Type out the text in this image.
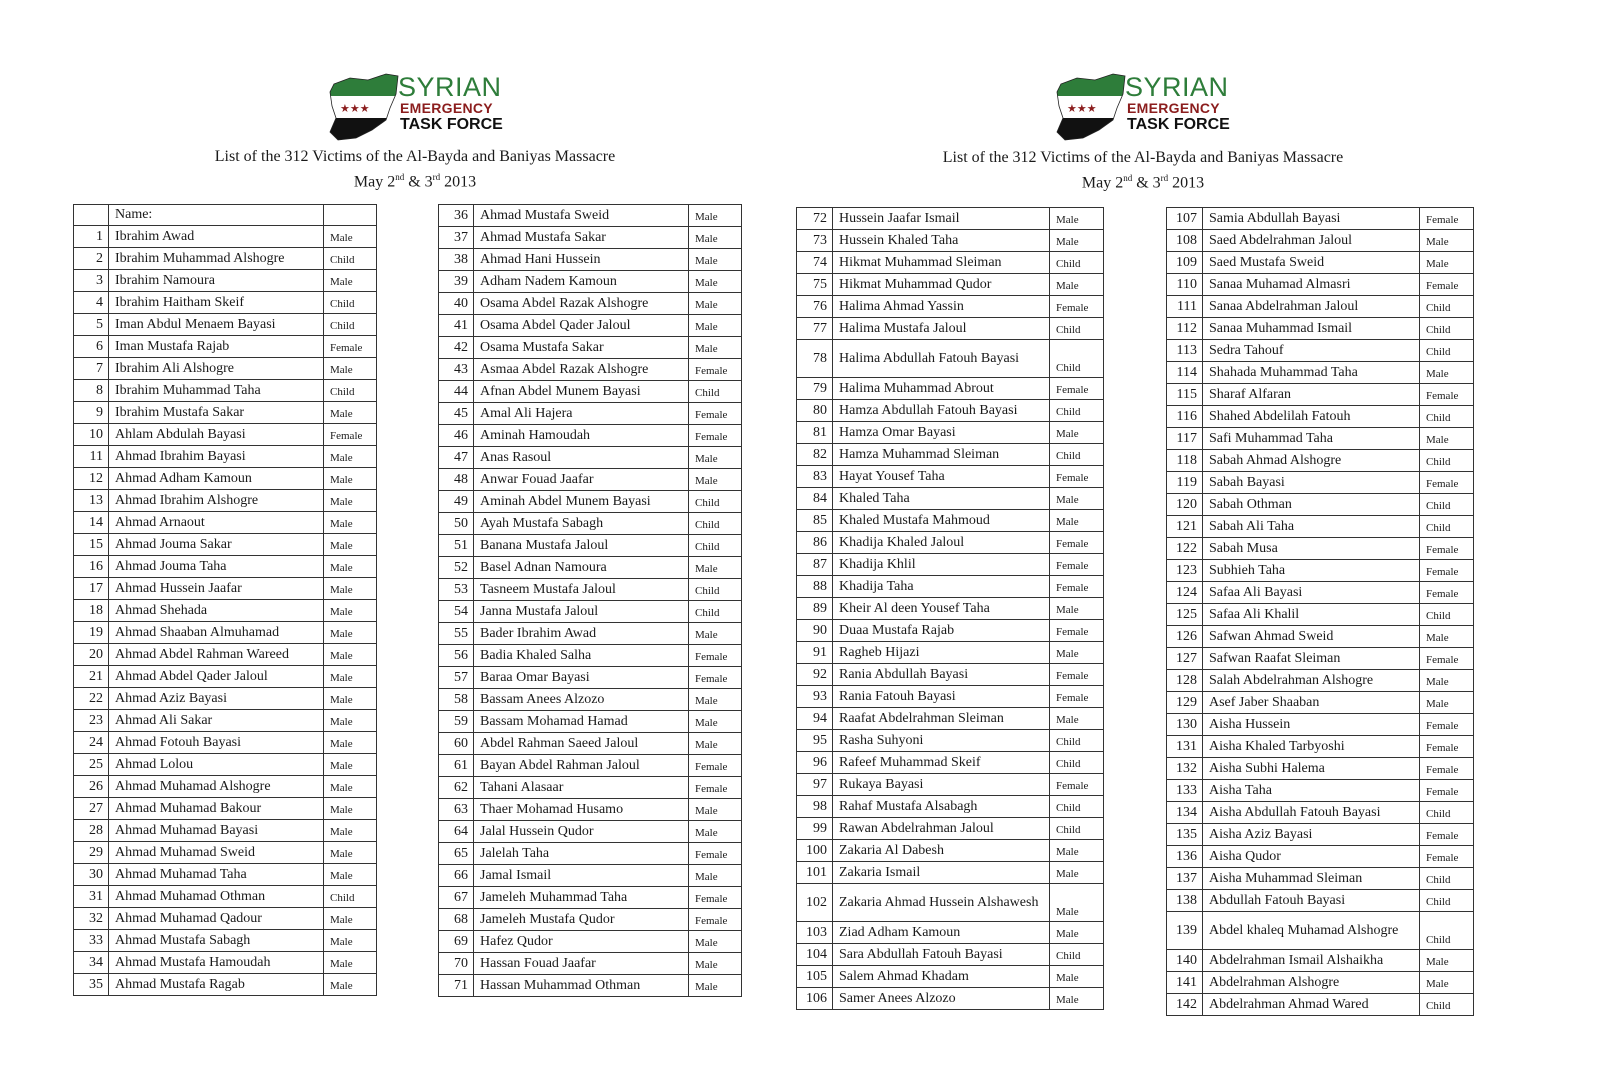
★★★
SYRIAN
EMERGENCY
TASK FORCE
List of the 312 Victims of the Al-Bayda and Baniyas Massacre
May 2nd & 3rd 2013
	Name:	
1	Ibrahim Awad	Male
2	Ibrahim Muhammad Alshogre	Child
3	Ibrahim Namoura	Male
4	Ibrahim Haitham Skeif	Child
5	Iman Abdul Menaem Bayasi	Child
6	Iman Mustafa Rajab	Female
7	Ibrahim Ali Alshogre	Male
8	Ibrahim Muhammad Taha	Child
9	Ibrahim Mustafa Sakar	Male
10	Ahlam Abdulah Bayasi	Female
11	Ahmad Ibrahim Bayasi	Male
12	Ahmad Adham Kamoun	Male
13	Ahmad Ibrahim Alshogre	Male
14	Ahmad Arnaout	Male
15	Ahmad Jouma Sakar	Male
16	Ahmad Jouma Taha	Male
17	Ahmad Hussein Jaafar	Male
18	Ahmad Shehada	Male
19	Ahmad Shaaban Almuhamad	Male
20	Ahmad Abdel Rahman Wareed	Male
21	Ahmad Abdel Qader Jaloul	Male
22	Ahmad Aziz Bayasi	Male
23	Ahmad Ali Sakar	Male
24	Ahmad Fotouh Bayasi	Male
25	Ahmad Lolou	Male
26	Ahmad Muhamad Alshogre	Male
27	Ahmad Muhamad Bakour	Male
28	Ahmad Muhamad Bayasi	Male
29	Ahmad Muhamad Sweid	Male
30	Ahmad Muhamad Taha	Male
31	Ahmad Muhamad Othman	Child
32	Ahmad Muhamad Qadour	Male
33	Ahmad Mustafa Sabagh	Male
34	Ahmad Mustafa Hamoudah	Male
35	Ahmad Mustafa Ragab	Male
36	Ahmad Mustafa Sweid	Male
37	Ahmad Mustafa Sakar	Male
38	Ahmad Hani Hussein	Male
39	Adham Nadem Kamoun	Male
40	Osama Abdel Razak Alshogre	Male
41	Osama Abdel Qader Jaloul	Male
42	Osama Mustafa Sakar	Male
43	Asmaa Abdel Razak Alshogre	Female
44	Afnan Abdel Munem Bayasi	Child
45	Amal Ali Hajera	Female
46	Aminah Hamoudah	Female
47	Anas Rasoul	Male
48	Anwar Fouad Jaafar	Male
49	Aminah Abdel Munem Bayasi	Child
50	Ayah Mustafa Sabagh	Child
51	Banana Mustafa Jaloul	Child
52	Basel Adnan Namoura	Male
53	Tasneem Mustafa Jaloul	Child
54	Janna Mustafa Jaloul	Child
55	Bader Ibrahim Awad	Male
56	Badia Khaled Salha	Female
57	Baraa Omar Bayasi	Female
58	Bassam Anees Alzozo	Male
59	Bassam Mohamad Hamad	Male
60	Abdel Rahman Saeed Jaloul	Male
61	Bayan Abdel Rahman Jaloul	Female
62	Tahani Alasaar	Female
63	Thaer Mohamad Husamo	Male
64	Jalal Hussein Qudor	Male
65	Jalelah Taha	Female
66	Jamal Ismail	Male
67	Jameleh Muhammad Taha	Female
68	Jameleh Mustafa Qudor	Female
69	Hafez Qudor	Male
70	Hassan Fouad Jaafar	Male
71	Hassan Muhammad Othman	Male
★★★
SYRIAN
EMERGENCY
TASK FORCE
List of the 312 Victims of the Al-Bayda and Baniyas Massacre
May 2nd & 3rd 2013
72	Hussein Jaafar Ismail	Male
73	Hussein Khaled Taha	Male
74	Hikmat Muhammad Sleiman	Child
75	Hikmat Muhammad Qudor	Male
76	Halima Ahmad Yassin	Female
77	Halima Mustafa Jaloul	Child
78	Halima Abdullah Fatouh Bayasi	Child
79	Halima Muhammad Abrout	Female
80	Hamza Abdullah Fatouh Bayasi	Child
81	Hamza Omar Bayasi	Male
82	Hamza Muhammad Sleiman	Child
83	Hayat Yousef Taha	Female
84	Khaled Taha	Male
85	Khaled Mustafa Mahmoud	Male
86	Khadija Khaled Jaloul	Female
87	Khadija Khlil	Female
88	Khadija Taha	Female
89	Kheir Al deen Yousef Taha	Male
90	Duaa Mustafa Rajab	Female
91	Ragheb Hijazi	Male
92	Rania Abdullah Bayasi	Female
93	Rania Fatouh Bayasi	Female
94	Raafat Abdelrahman Sleiman	Male
95	Rasha Suhyoni	Child
96	Rafeef Muhammad Skeif	Child
97	Rukaya Bayasi	Female
98	Rahaf Mustafa Alsabagh	Child
99	Rawan Abdelrahman Jaloul	Child
100	Zakaria Al Dabesh	Male
101	Zakaria Ismail	Male
102	Zakaria Ahmad Hussein Alshawesh	Male
103	Ziad Adham Kamoun	Male
104	Sara Abdullah Fatouh Bayasi	Child
105	Salem Ahmad Khadam	Male
106	Samer Anees Alzozo	Male
107	Samia Abdullah Bayasi	Female
108	Saed Abdelrahman Jaloul	Male
109	Saed Mustafa Sweid	Male
110	Sanaa Muhamad Almasri	Female
111	Sanaa Abdelrahman Jaloul	Child
112	Sanaa Muhammad Ismail	Child
113	Sedra Tahouf	Child
114	Shahada Muhammad Taha	Male
115	Sharaf Alfaran	Female
116	Shahed Abdelilah Fatouh	Child
117	Safi Muhammad Taha	Male
118	Sabah Ahmad Alshogre	Child
119	Sabah Bayasi	Female
120	Sabah Othman	Child
121	Sabah Ali Taha	Child
122	Sabah Musa	Female
123	Subhieh Taha	Female
124	Safaa Ali Bayasi	Female
125	Safaa Ali Khalil	Child
126	Safwan Ahmad Sweid	Male
127	Safwan Raafat Sleiman	Female
128	Salah Abdelrahman Alshogre	Male
129	Asef Jaber Shaaban	Male
130	Aisha Hussein	Female
131	Aisha Khaled Tarbyoshi	Female
132	Aisha Subhi Halema	Female
133	Aisha Taha	Female
134	Aisha Abdullah Fatouh Bayasi	Child
135	Aisha Aziz Bayasi	Female
136	Aisha Qudor	Female
137	Aisha Muhammad Sleiman	Child
138	Abdullah Fatouh Bayasi	Child
139	Abdel khaleq Muhamad Alshogre	Child
140	Abdelrahman Ismail Alshaikha	Male
141	Abdelrahman Alshogre	Male
142	Abdelrahman Ahmad Wared	Child
